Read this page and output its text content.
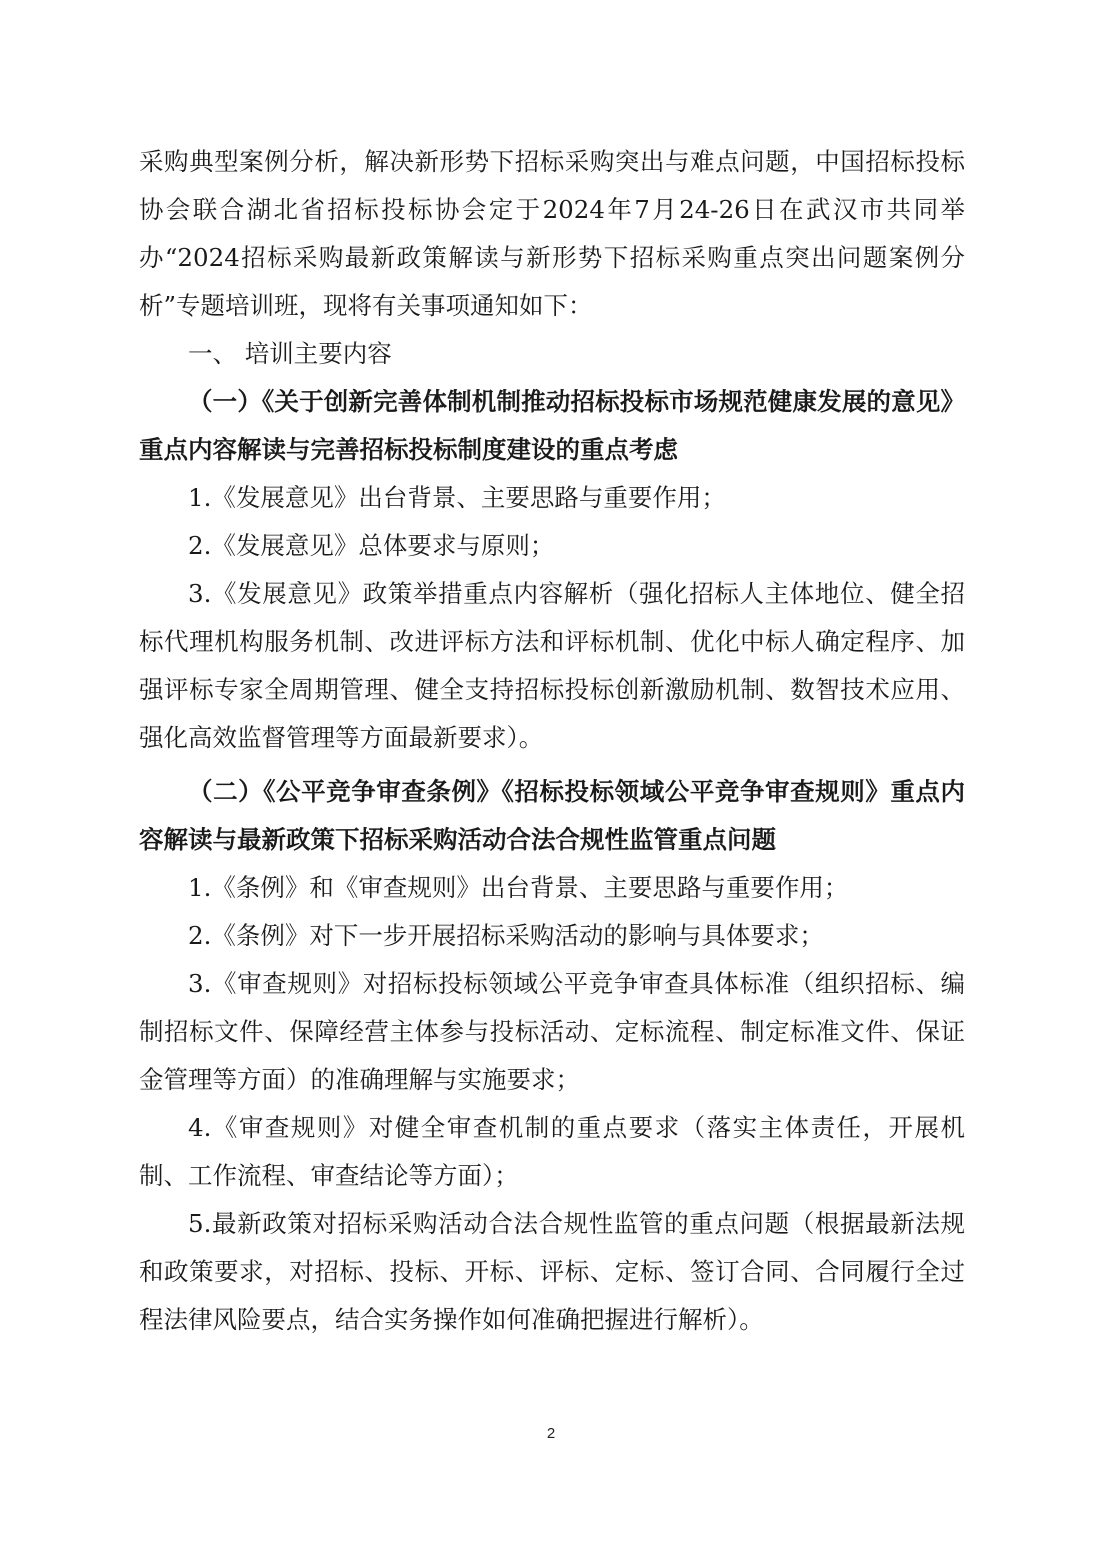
采购典型案例分析，解决新形势下招标采购突出与难点问题，中国招标投标协会联合湖北省招标投标协会定于2024年7月24-26日在武汉市共同举办“2024招标采购最新政策解读与新形势下招标采购重点突出问题案例分析”专题培训班，现将有关事项通知如下：

一、 培训主要内容

（一）《关于创新完善体制机制推动招标投标市场规范健康发展的意见》重点内容解读与完善招标投标制度建设的重点考虑

1.《发展意见》出台背景、主要思路与重要作用；

2.《发展意见》总体要求与原则；

3.《发展意见》政策举措重点内容解析（强化招标人主体地位、健全招标代理机构服务机制、改进评标方法和评标机制、优化中标人确定程序、加强评标专家全周期管理、健全支持招标投标创新激励机制、数智技术应用、强化高效监督管理等方面最新要求）。

（二）《公平竞争审查条例》《招标投标领域公平竞争审查规则》重点内容解读与最新政策下招标采购活动合法合规性监管重点问题

1.《条例》和《审查规则》出台背景、主要思路与重要作用；

2.《条例》对下一步开展招标采购活动的影响与具体要求；

3.《审查规则》对招标投标领域公平竞争审查具体标准（组织招标、编制招标文件、保障经营主体参与投标活动、定标流程、制定标准文件、保证金管理等方面）的准确理解与实施要求；

4.《审查规则》对健全审查机制的重点要求（落实主体责任，开展机制、工作流程、审查结论等方面）；

5.最新政策对招标采购活动合法合规性监管的重点问题（根据最新法规和政策要求，对招标、投标、开标、评标、定标、签订合同、合同履行全过程法律风险要点，结合实务操作如何准确把握进行解析）。

2
